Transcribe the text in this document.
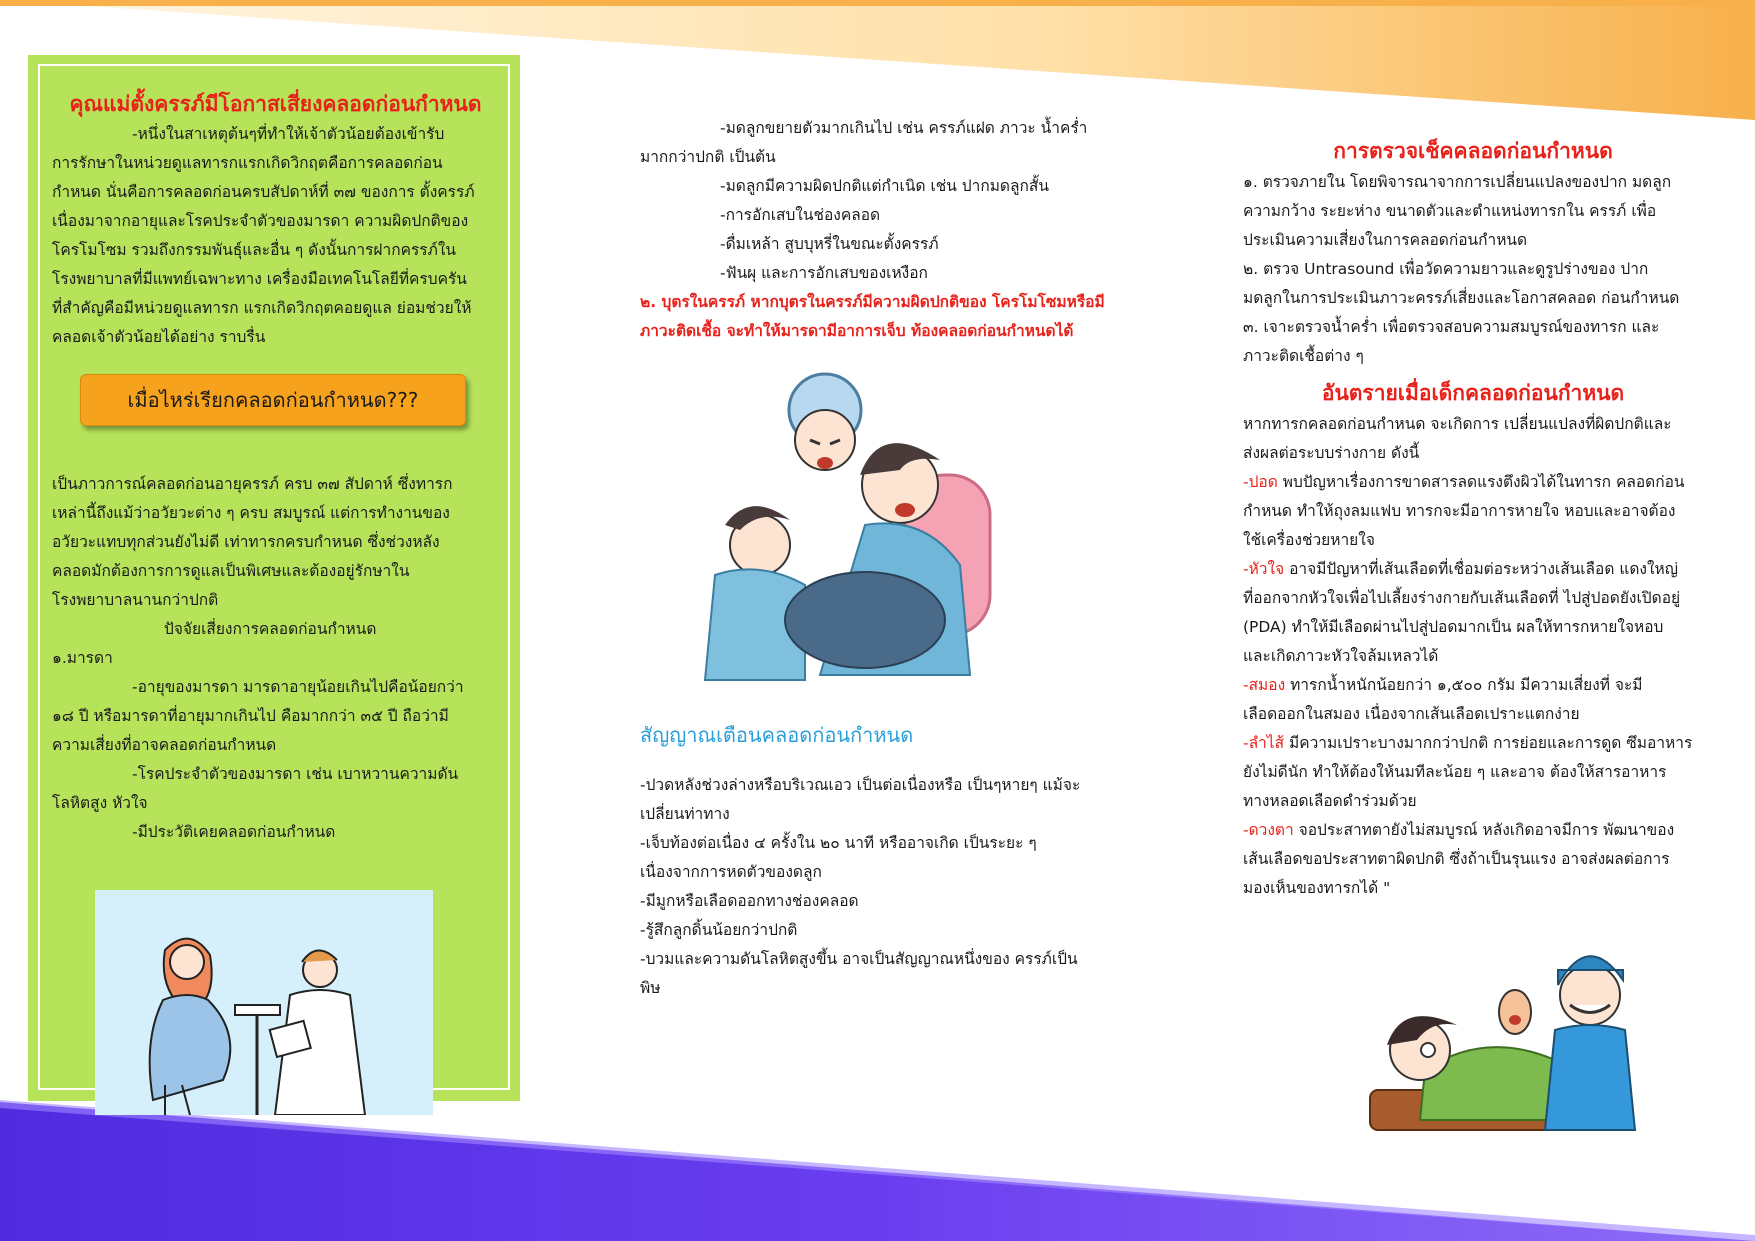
คุณแม่ตั้งครรภ์มีโอกาสเสี่ยงคลอดก่อนกำหนด

-หนึ่งในสาเหตุต้นๆที่ทำให้เจ้าตัวน้อยต้องเข้ารับ

การรักษาในหน่วยดูแลทารกแรกเกิดวิกฤตคือการคลอดก่อน

กำหนด นั่นคือการคลอดก่อนครบสัปดาห์ที่ ๓๗ ของการ ตั้งครรภ์

เนื่องมาจากอายุและโรคประจำตัวของมารดา ความผิดปกติของ

โครโมโซม รวมถึงกรรมพันธุ์และอื่น ๆ ดังนั้นการฝากครรภ์ใน

โรงพยาบาลที่มีแพทย์เฉพาะทาง เครื่องมือเทคโนโลยีที่ครบครัน

ที่สำคัญคือมีหน่วยดูแลทารก แรกเกิดวิกฤตคอยดูแล ย่อมช่วยให้

คลอดเจ้าตัวน้อยได้อย่าง ราบรื่น

เมื่อไหร่เรียกคลอดก่อนกำหนด???

เป็นภาวการณ์คลอดก่อนอายุครรภ์ ครบ ๓๗ สัปดาห์ ซึ่งทารก

เหล่านี้ถึงแม้ว่าอวัยวะต่าง ๆ ครบ สมบูรณ์ แต่การทำงานของ

อวัยวะแทบทุกส่วนยังไม่ดี เท่าทารกครบกำหนด ซึ่งช่วงหลัง

คลอดมักต้องการการดูแลเป็นพิเศษและต้องอยู่รักษาใน

โรงพยาบาลนานกว่าปกติ

ปัจจัยเสี่ยงการคลอดก่อนกำหนด

๑.มารดา

-อายุของมารดา มารดาอายุน้อยเกินไปคือน้อยกว่า

๑๘ ปี หรือมารดาที่อายุมากเกินไป คือมากกว่า ๓๕ ปี ถือว่ามี

ความเสี่ยงที่อาจคลอดก่อนกำหนด

-โรคประจำตัวของมารดา เช่น เบาหวานความดัน

โลหิตสูง หัวใจ

-มีประวัติเคยคลอดก่อนกำหนด

-มดลูกขยายตัวมากเกินไป เช่น ครรภ์แฝด ภาวะ น้ำคร่ำ

มากกว่าปกติ เป็นต้น

-มดลูกมีความผิดปกติแต่กำเนิด เช่น ปากมดลูกสั้น

-การอักเสบในช่องคลอด

-ดื่มเหล้า สูบบุหรี่ในขณะตั้งครรภ์

-ฟันผุ และการอักเสบของเหงือก

๒. บุตรในครรภ์ หากบุตรในครรภ์มีความผิดปกติของ โครโมโซมหรือมี

ภาวะติดเชื้อ จะทำให้มารดามีอาการเจ็บ ท้องคลอดก่อนกำหนดได้

สัญญาณเตือนคลอดก่อนกำหนด

-ปวดหลังช่วงล่างหรือบริเวณเอว เป็นต่อเนื่องหรือ เป็นๆหายๆ แม้จะ

เปลี่ยนท่าทาง

-เจ็บท้องต่อเนื่อง ๔ ครั้งใน ๒๐ นาที หรืออาจเกิด เป็นระยะ ๆ

เนื่องจากการหดตัวของดลูก

-มีมูกหรือเลือดออกทางช่องคลอด

-รู้สึกลูกดิ้นน้อยกว่าปกติ

-บวมและความดันโลหิตสูงขึ้น อาจเป็นสัญญาณหนึ่งของ ครรภ์เป็น

พิษ

การตรวจเช็คคลอดก่อนกำหนด

๑. ตรวจภายใน โดยพิจารณาจากการเปลี่ยนแปลงของปาก มดลูก

ความกว้าง ระยะห่าง ขนาดตัวและตำแหน่งทารกใน ครรภ์ เพื่อ

ประเมินความเสี่ยงในการคลอดก่อนกำหนด

๒. ตรวจ Untrasound เพื่อวัดความยาวและดูรูปร่างของ ปาก

มดลูกในการประเมินภาวะครรภ์เสี่ยงและโอกาสคลอด ก่อนกำหนด

๓. เจาะตรวจน้ำคร่ำ เพื่อตรวจสอบความสมบูรณ์ของทารก และ

ภาวะติดเชื้อต่าง ๆ

อันตรายเมื่อเด็กคลอดก่อนกำหนด

หากทารกคลอดก่อนกำหนด จะเกิดการ เปลี่ยนแปลงที่ผิดปกติและ

ส่งผลต่อระบบร่างกาย ดังนี้

-ปอด พบปัญหาเรื่องการขาดสารลดแรงตึงผิวได้ในทารก คลอดก่อน

กำหนด ทำให้ถุงลมแฟบ ทารกจะมีอาการหายใจ หอบและอาจต้อง

ใช้เครื่องช่วยหายใจ

-หัวใจ อาจมีปัญหาที่เส้นเลือดที่เชื่อมต่อระหว่างเส้นเลือด แดงใหญ่

ที่ออกจากหัวใจเพื่อไปเลี้ยงร่างกายกับเส้นเลือดที่ ไปสู่ปอดยังเปิดอยู่

(PDA) ทำให้มีเลือดผ่านไปสู่ปอดมากเป็น ผลให้ทารกหายใจหอบ

และเกิดภาวะหัวใจล้มเหลวได้

-สมอง ทารกน้ำหนักน้อยกว่า ๑,๕๐๐ กรัม มีความเสี่ยงที่ จะมี

เลือดออกในสมอง เนื่องจากเส้นเลือดเปราะแตกง่าย

-ลำไส้ มีความเปราะบางมากกว่าปกติ การย่อยและการดูด ซึมอาหาร

ยังไม่ดีนัก ทำให้ต้องให้นมทีละน้อย ๆ และอาจ ต้องให้สารอาหาร

ทางหลอดเลือดดำร่วมด้วย

-ดวงตา จอประสาทตายังไม่สมบูรณ์ หลังเกิดอาจมีการ พัฒนาของ

เส้นเลือดขอประสาทตาผิดปกติ ซึ่งถ้าเป็นรุนแรง อาจส่งผลต่อการ

มองเห็นของทารกได้ "
